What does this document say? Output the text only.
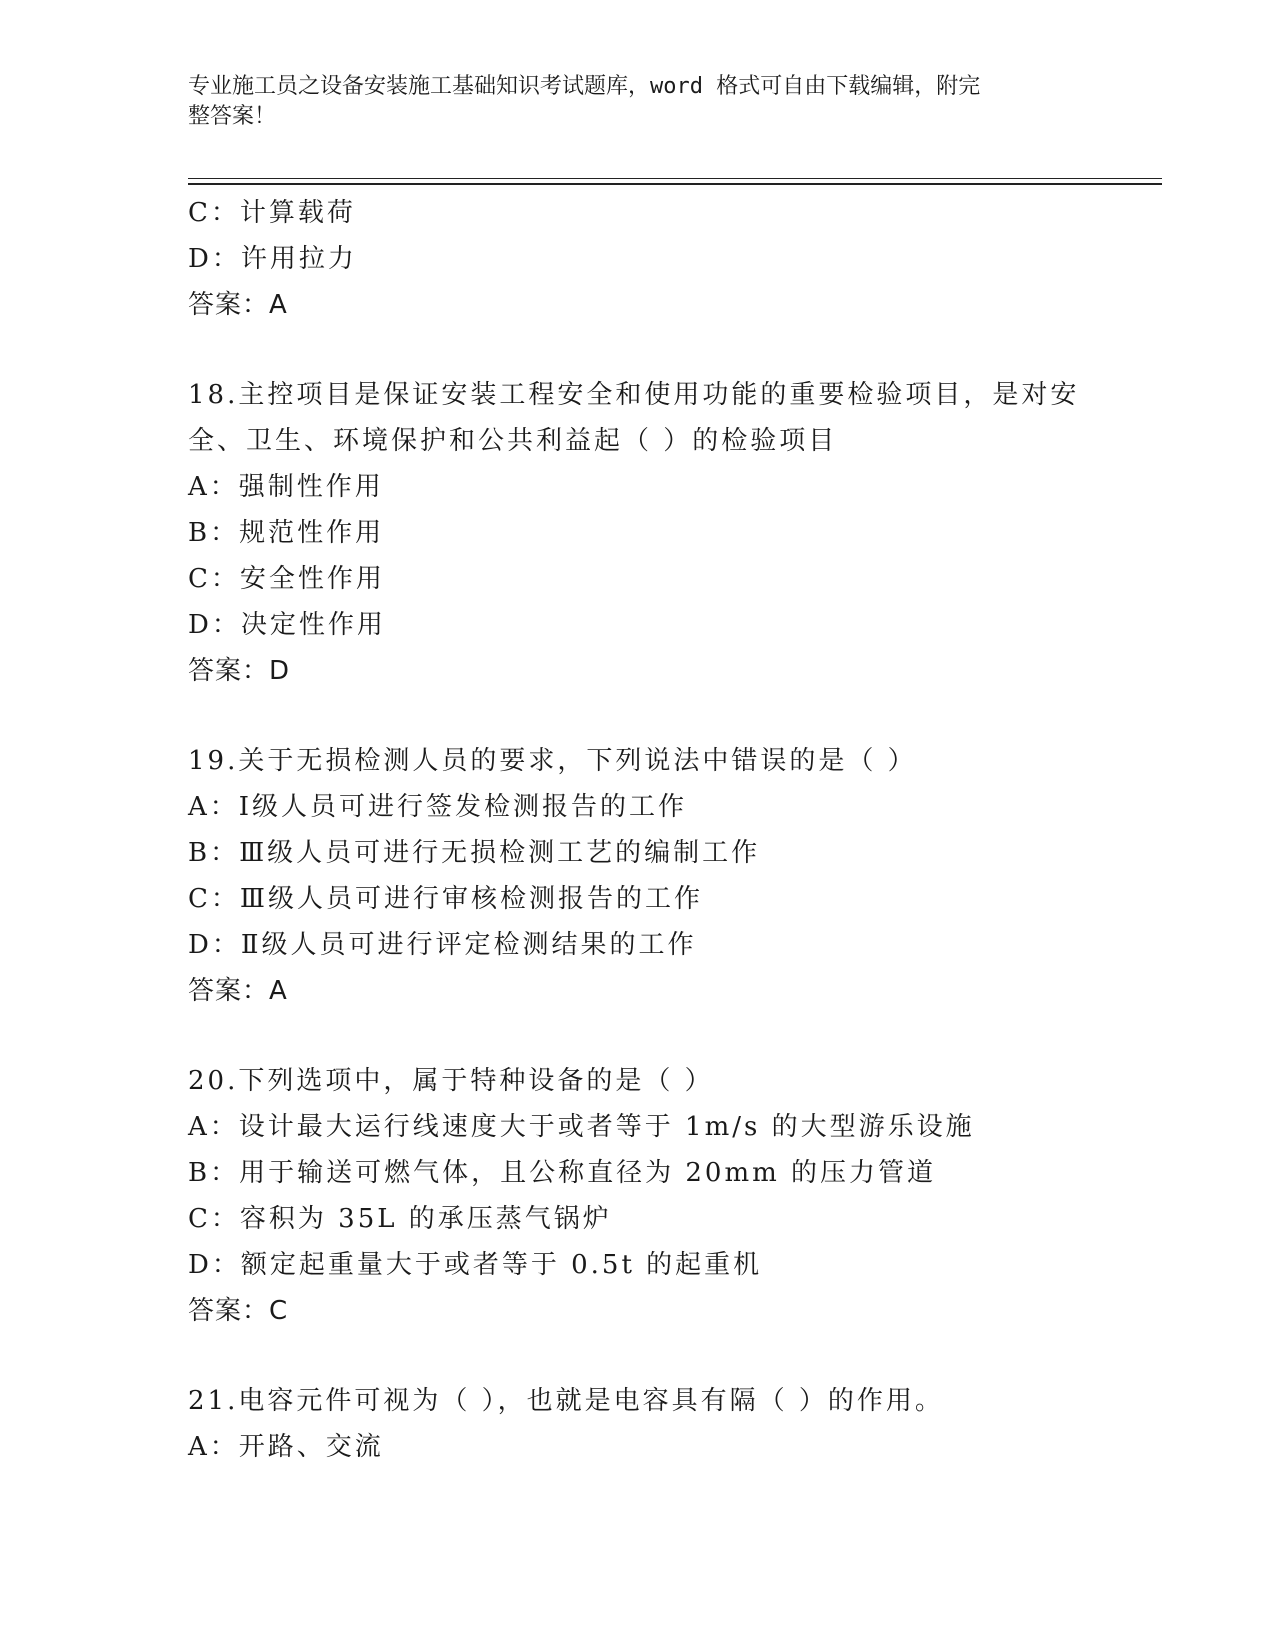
专业施工员之设备安装施工基础知识考试题库，word 格式可自由下载编辑，附完
整答案！
C：计算载荷
D：许用拉力
答案：A
18.主控项目是保证安装工程安全和使用功能的重要检验项目，是对安
全、卫生、环境保护和公共利益起（ ）的检验项目
A：强制性作用
B：规范性作用
C：安全性作用
D：决定性作用
答案：D
19.关于无损检测人员的要求，下列说法中错误的是（ ）
A：Ⅰ级人员可进行签发检测报告的工作
B：Ⅲ级人员可进行无损检测工艺的编制工作
C：Ⅲ级人员可进行审核检测报告的工作
D：Ⅱ级人员可进行评定检测结果的工作
答案：A
20.下列选项中，属于特种设备的是（ ）
A：设计最大运行线速度大于或者等于 1m/s 的大型游乐设施
B：用于输送可燃气体，且公称直径为 20mm 的压力管道
C：容积为 35L 的承压蒸气锅炉
D：额定起重量大于或者等于 0.5t 的起重机
答案：C
21.电容元件可视为（ ），也就是电容具有隔（ ）的作用。
A：开路、交流
